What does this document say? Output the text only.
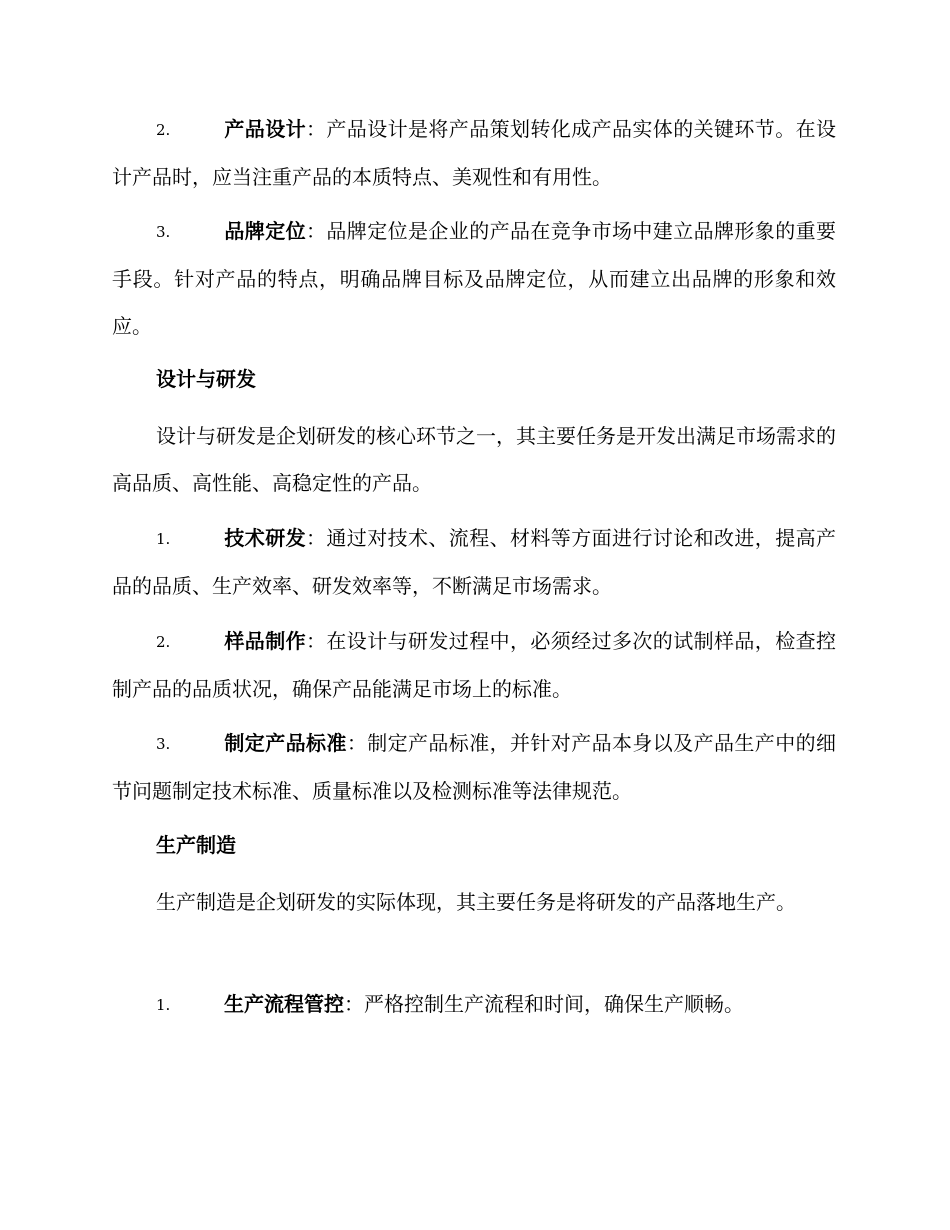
2.	产品设计：产品设计是将产品策划转化成产品实体的关键环节。在设计产品时，应当注重产品的本质特点、美观性和有用性。

3.	品牌定位：品牌定位是企业的产品在竞争市场中建立品牌形象的重要手段。针对产品的特点，明确品牌目标及品牌定位，从而建立出品牌的形象和效应。

设计与研发

设计与研发是企划研发的核心环节之一，其主要任务是开发出满足市场需求的高品质、高性能、高稳定性的产品。

1.	技术研发：通过对技术、流程、材料等方面进行讨论和改进，提高产品的品质、生产效率、研发效率等，不断满足市场需求。

2.	样品制作：在设计与研发过程中，必须经过多次的试制样品，检查控制产品的品质状况，确保产品能满足市场上的标准。

3.	制定产品标准：制定产品标准，并针对产品本身以及产品生产中的细节问题制定技术标准、质量标准以及检测标准等法律规范。

生产制造

生产制造是企划研发的实际体现，其主要任务是将研发的产品落地生产。

1.	生产流程管控：严格控制生产流程和时间，确保生产顺畅。
